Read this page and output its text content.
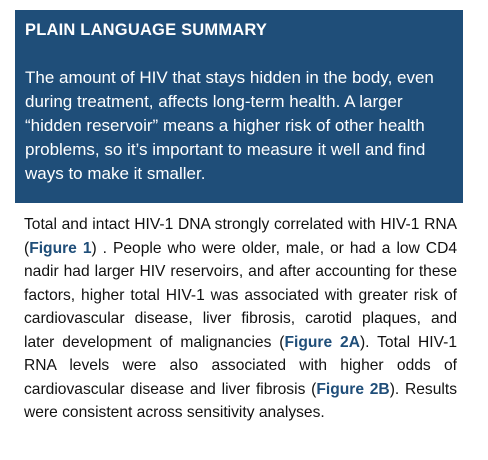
PLAIN LANGUAGE SUMMARY

The amount of HIV that stays hidden in the body, even during treatment, affects long-term health. A larger “hidden reservoir” means a higher risk of other health problems, so it’s important to measure it well and find ways to make it smaller.

Total and intact HIV-1 DNA strongly correlated with HIV-1 RNA (Figure 1) . People who were older, male, or had a low CD4 nadir had larger HIV reservoirs, and after accounting for these factors, higher total HIV-1 was associated with greater risk of cardiovascular disease, liver fibrosis, carotid plaques, and later development of malignancies (Figure 2A). Total HIV-1 RNA levels were also associated with higher odds of cardiovascular disease and liver fibrosis (Figure 2B). Results were consistent across sensitivity analyses.
